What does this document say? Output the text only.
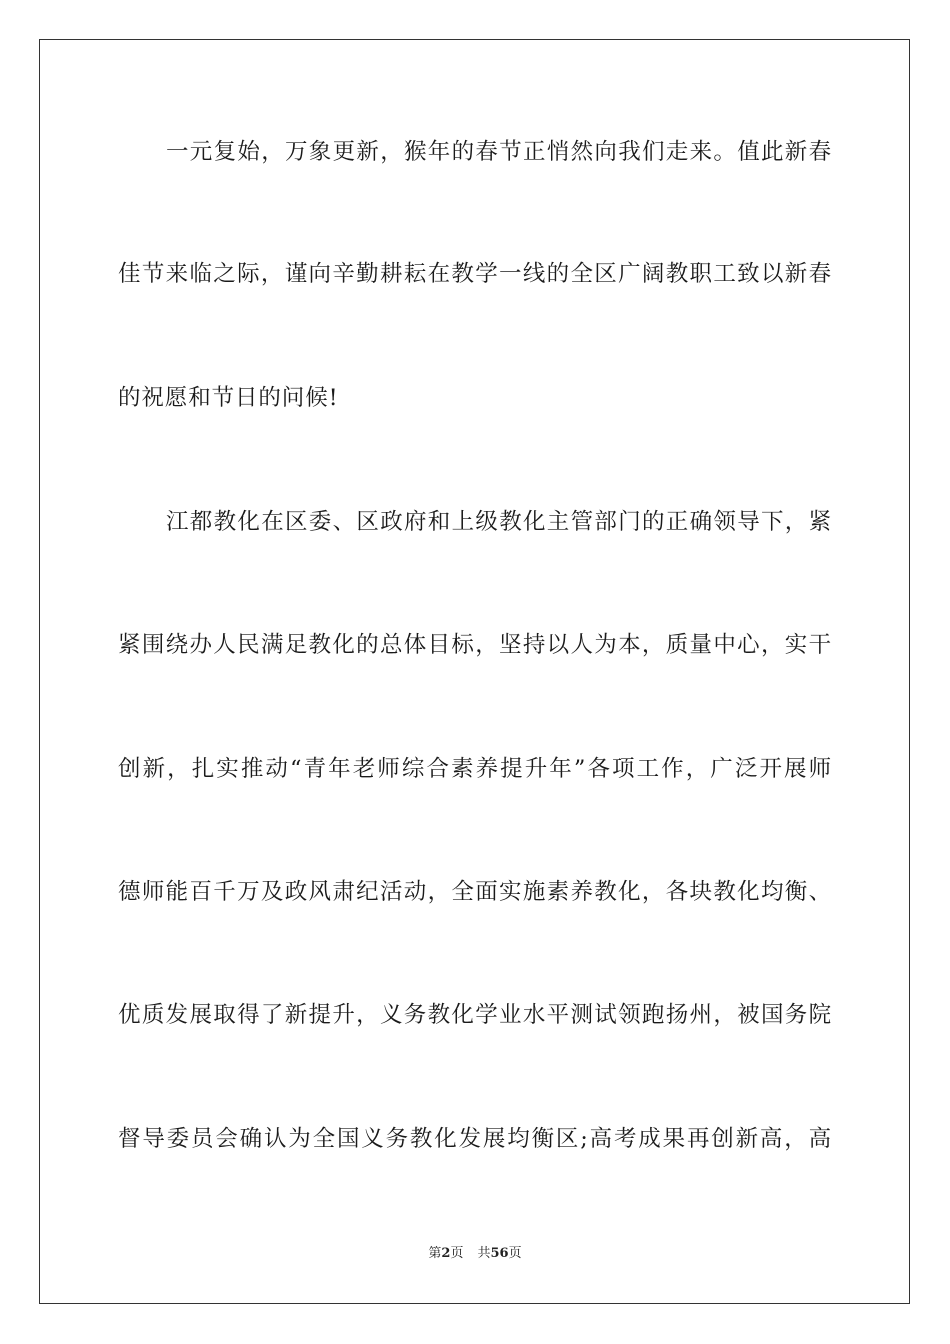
一元复始，万象更新，猴年的春节正悄然向我们走来。值此新春
佳节来临之际，谨向辛勤耕耘在教学一线的全区广阔教职工致以新春
的祝愿和节日的问候!
江都教化在区委、区政府和上级教化主管部门的正确领导下，紧
紧围绕办人民满足教化的总体目标，坚持以人为本，质量中心，实干
创新，扎实推动“青年老师综合素养提升年”各项工作，广泛开展师
德师能百千万及政风肃纪活动，全面实施素养教化，各块教化均衡、
优质发展取得了新提升，义务教化学业水平测试领跑扬州，被国务院
督导委员会确认为全国义务教化发展均衡区;高考成果再创新高，高
第2页 共56页
